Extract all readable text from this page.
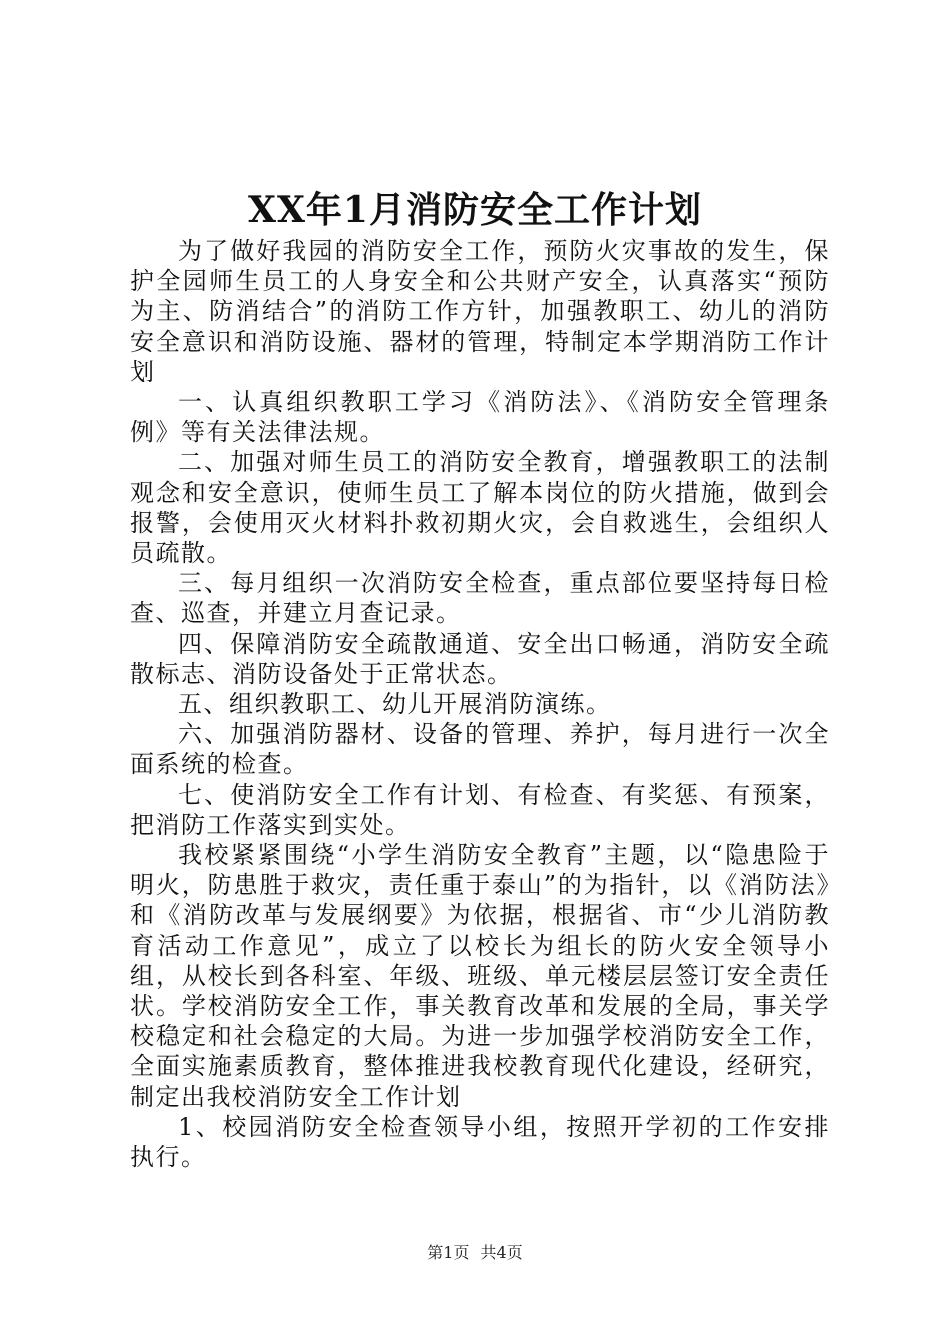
XX年1月消防安全工作计划

为了做好我园的消防安全工作，预防火灾事故的发生，保护全园师生员工的人身安全和公共财产安全，认真落实“预防为主、防消结合”的消防工作方针，加强教职工、幼儿的消防安全意识和消防设施、器材的管理，特制定本学期消防工作计划

一、认真组织教职工学习《消防法》、《消防安全管理条例》等有关法律法规。

二、加强对师生员工的消防安全教育，增强教职工的法制观念和安全意识，使师生员工了解本岗位的防火措施，做到会报警，会使用灭火材料扑救初期火灾，会自救逃生，会组织人员疏散。

三、每月组织一次消防安全检查，重点部位要坚持每日检查、巡查，并建立月查记录。

四、保障消防安全疏散通道、安全出口畅通，消防安全疏散标志、消防设备处于正常状态。

五、组织教职工、幼儿开展消防演练。

六、加强消防器材、设备的管理、养护，每月进行一次全面系统的检查。

七、使消防安全工作有计划、有检查、有奖惩、有预案，把消防工作落实到实处。

我校紧紧围绕“小学生消防安全教育”主题，以“隐患险于明火，防患胜于救灾，责任重于泰山”的为指针，以《消防法》和《消防改革与发展纲要》为依据，根据省、市“少儿消防教育活动工作意见”，成立了以校长为组长的防火安全领导小组，从校长到各科室、年级、班级、单元楼层层签订安全责任状。学校消防安全工作，事关教育改革和发展的全局，事关学校稳定和社会稳定的大局。为进一步加强学校消防安全工作，全面实施素质教育，整体推进我校教育现代化建设，经研究，制定出我校消防安全工作计划

1、校园消防安全检查领导小组，按照开学初的工作安排执行。

第1页 共4页
